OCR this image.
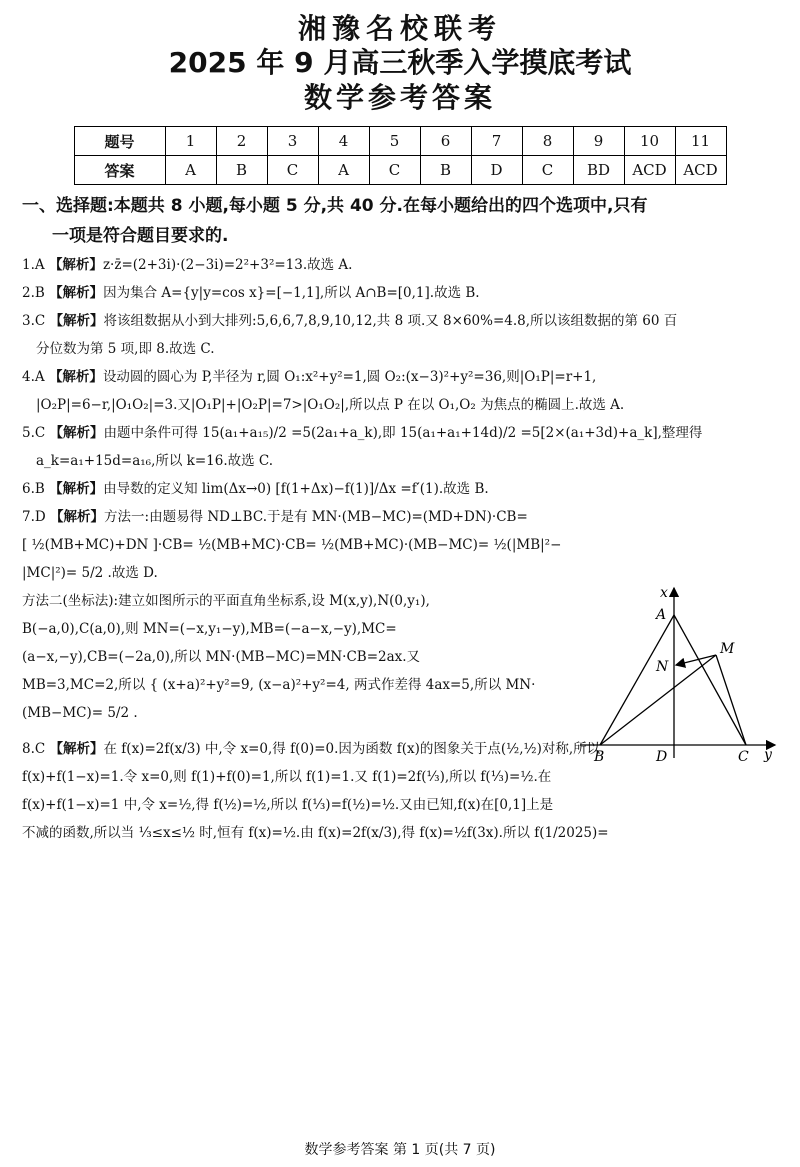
湘豫名校联考
2025 年 9 月高三秋季入学摸底考试
数学参考答案
题号	1	2	3	4	5	6	7	8	9	10	11
答案	A	B	C	A	C	B	D	C	BD	ACD	ACD
一、选择题:本题共 8 小题,每小题 5 分,共 40 分.在每小题给出的四个选项中,只有
一项是符合题目要求的.

1.A 【解析】z·z̄=(2+3i)·(2−3i)=2²+3²=13.故选 A.

2.B 【解析】因为集合 A={y|y=cos x}=[−1,1],所以 A∩B=[0,1].故选 B.

3.C 【解析】将该组数据从小到大排列:5,6,6,7,8,9,10,12,共 8 项.又 8×60%=4.8,所以该组数据的第 60 百
分位数为第 5 项,即 8.故选 C.

4.A 【解析】设动圆的圆心为 P,半径为 r,圆 O₁:x²+y²=1,圆 O₂:(x−3)²+y²=36,则|O₁P|=r+1,
|O₂P|=6−r,|O₁O₂|=3.又|O₁P|+|O₂P|=7>|O₁O₂|,所以点 P 在以 O₁,O₂ 为焦点的椭圆上.故选 A.

5.C 【解析】由题中条件可得 15(a₁+a₁₅)/2 =5(2a₁+a_k),即 15(a₁+a₁+14d)/2 =5[2×(a₁+3d)+a_k],整理得
a_k=a₁+15d=a₁₆,所以 k=16.故选 C.

6.B 【解析】由导数的定义知 lim(Δx→0) [f(1+Δx)−f(1)]/Δx =f′(1).故选 B.

7.D 【解析】方法一:由题易得 ND⊥BC.于是有 MN·(MB−MC)=(MD+DN)·CB=
[ ½(MB+MC)+DN ]·CB= ½(MB+MC)·CB= ½(MB+MC)·(MB−MC)= ½(|MB|²−
|MC|²)= 5/2 .故选 D.

方法二(坐标法):建立如图所示的平面直角坐标系,设 M(x,y),N(0,y₁),
B(−a,0),C(a,0),则 MN=(−x,y₁−y),MB=(−a−x,−y),MC=
(a−x,−y),CB=(−2a,0),所以 MN·(MB−MC)=MN·CB=2ax.又
MB=3,MC=2,所以 { (x+a)²+y²=9, (x−a)²+y²=4, 两式作差得 4ax=5,所以 MN·
(MB−MC)= 5/2 .

x
y
A
M
N
B	D	C

8.C 【解析】在 f(x)=2f(x/3) 中,令 x=0,得 f(0)=0.因为函数 f(x)的图象关于点(½,½)对称,所以
f(x)+f(1−x)=1.令 x=0,则 f(1)+f(0)=1,所以 f(1)=1.又 f(1)=2f(⅓),所以 f(⅓)=½.在
f(x)+f(1−x)=1 中,令 x=½,得 f(½)=½,所以 f(⅓)=f(½)=½.又由已知,f(x)在[0,1]上是
不减的函数,所以当 ⅓≤x≤½ 时,恒有 f(x)=½.由 f(x)=2f(x/3),得 f(x)=½f(3x).所以 f(1/2025)=

数学参考答案 第 1 页(共 7 页)
